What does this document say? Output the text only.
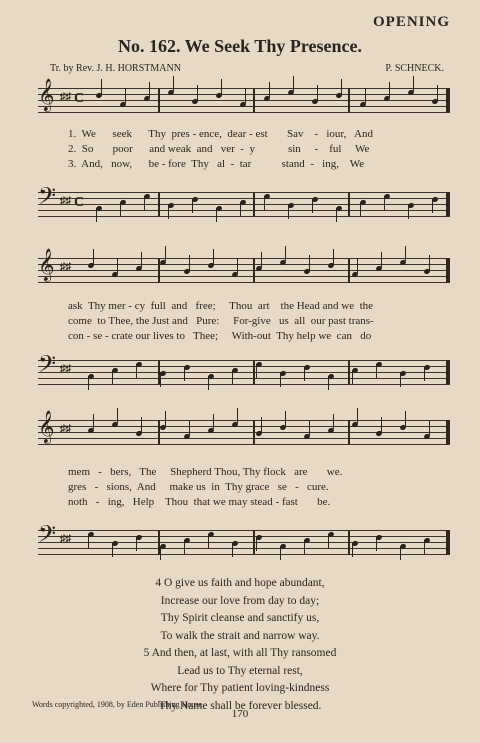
OPENING
No. 162. We Seek Thy Presence.
Tr. by Rev. J. H. HORSTMANN	P. SCHNECK.
𝄞 ♯♯ C
1.  We      seek      Thy  pres - ence,  dear - est       Sav    -   iour,   And
2.  So       poor      and weak  and   ver  -  y            sin     -    ful     We
3.  And,   now,      be - fore  Thy   al  -  tar           stand  -   ing,    We
𝄢 ♯♯ C
𝄞 ♯♯
ask  Thy mer - cy  full  and   free;     Thou  art    the Head and we  the
come  to Thee, the Just and   Pure:     For-give   us  all  our past trans-
con - se - crate our lives to   Thee;     With-out  Thy help we  can   do
𝄢 ♯♯
𝄞 ♯♯
mem   -   bers,   The     Shepherd Thou, Thy flock   are       we.
gres   -   sions,  And     make us  in  Thy grace   se   -   cure.
noth   -   ing,   Help    Thou  that we may stead - fast       be.
𝄢 ♯♯
4 O give us faith and hope abundant,
Increase our love from day to day;
Thy Spirit cleanse and sanctify us,
To walk the strait and narrow way.
5 And then, at last, with all Thy ransomed
Lead us to Thy eternal rest,
Where for Thy patient loving-kindness
Thy Name shall be forever blessed.
Words copyrighted, 1908, by Eden Publishing House.
170
